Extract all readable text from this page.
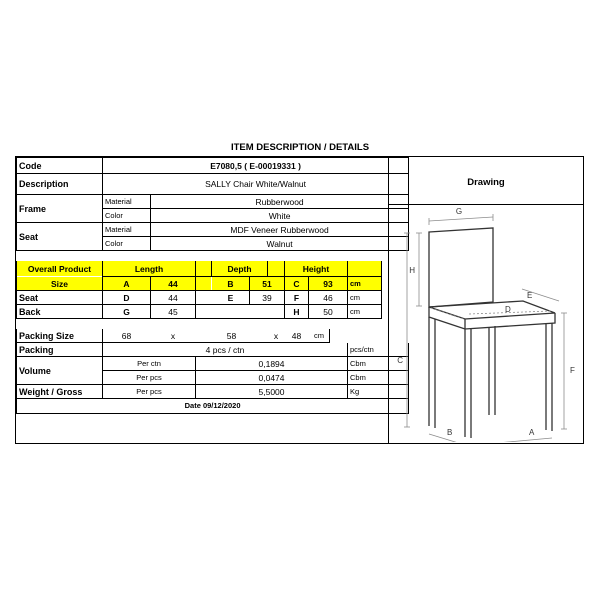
ITEM DESCRIPTION / DETAILS
Code	E7080,5 ( E-00019331 )										
Description	SALLY Chair White/Walnut										
Frame	Material	Rubberwood									
	Color	White									
Seat	Material	MDF Veneer Rubberwood									
	Color	Walnut									

Overall Product	Length			Depth			Height				
Size	A	44		B	51		C	93		cm	
Seat	D	44		E	39		F	46		cm	
Back	G	45					H	50		cm	

Packing Size	68	x	58			x	48	cm			
Packing	4 pcs / ctn									pcs/ctn	
Volume	Per ctn		0,1894							Cbm	
	Per pcs		0,0474							Cbm	
Weight / Gross	Per pcs		5,5000							Kg	
Date 09/12/2020											
Drawing
G
H
C
E
D
F
B	A
